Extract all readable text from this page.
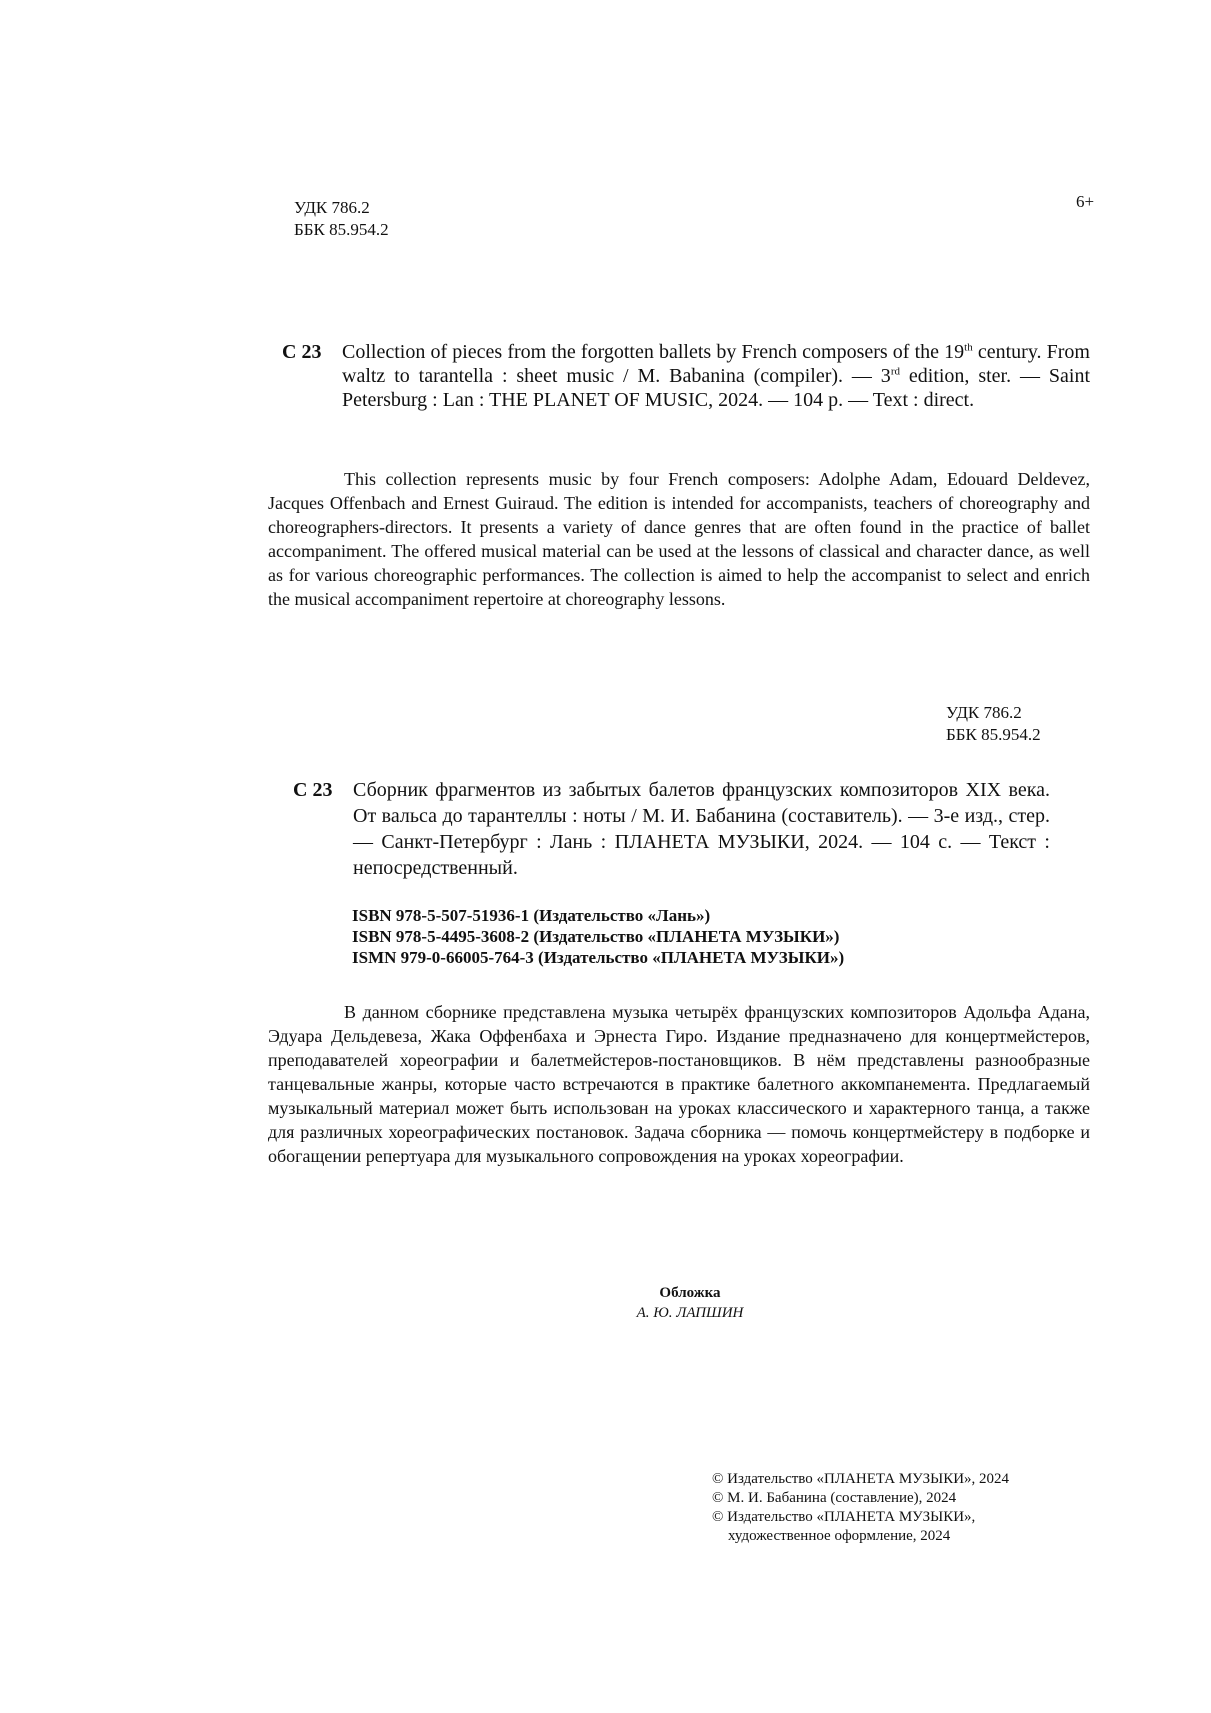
УДК 786.2
ББК 85.954.2
6+
С 23 Collection of pieces from the forgotten ballets by French composers of the 19th century. From waltz to tarantella : sheet music / M. Babanina (compiler). — 3rd edition, ster. — Saint Petersburg : Lan : THE PLANET OF MUSIC, 2024. — 104 p. — Text : direct.
This collection represents music by four French composers: Adolphe Adam, Edouard Deldevez, Jacques Offenbach and Ernest Guiraud. The edition is intended for accompanists, teachers of choreography and choreographers-directors. It presents a variety of dance genres that are often found in the practice of ballet accompaniment. The offered musical material can be used at the lessons of classical and character dance, as well as for various choreographic performances. The collection is aimed to help the accompanist to select and enrich the musical accompaniment repertoire at choreography lessons.
УДК 786.2
ББК 85.954.2
С 23 Сборник фрагментов из забытых балетов французских композиторов XIX века. От вальса до тарантеллы : ноты / М. И. Бабанина (составитель). — 3-е изд., стер. — Санкт-Петербург : Лань : ПЛАНЕТА МУЗЫКИ, 2024. — 104 с. — Текст : непосредственный.
ISBN 978-5-507-51936-1 (Издательство «Лань»)
ISBN 978-5-4495-3608-2 (Издательство «ПЛАНЕТА МУЗЫКИ»)
ISMN 979-0-66005-764-3 (Издательство «ПЛАНЕТА МУЗЫКИ»)
В данном сборнике представлена музыка четырёх французских композиторов Адольфа Адана, Эдуара Дельдевеза, Жака Оффенбаха и Эрнеста Гиро. Издание предназначено для концертмейстеров, преподавателей хореографии и балетмейстеров-постановщиков. В нём представлены разнообразные танцевальные жанры, которые часто встречаются в практике балетного аккомпанемента. Предлагаемый музыкальный материал может быть использован на уроках классического и характерного танца, а также для различных хореографических постановок. Задача сборника — помочь концертмейстеру в подборке и обогащении репертуара для музыкального сопровождения на уроках хореографии.
Обложка
А. Ю. ЛАПШИН
© Издательство «ПЛАНЕТА МУЗЫКИ», 2024
© М. И. Бабанина (составление), 2024
© Издательство «ПЛАНЕТА МУЗЫКИ»,
художественное оформление, 2024
